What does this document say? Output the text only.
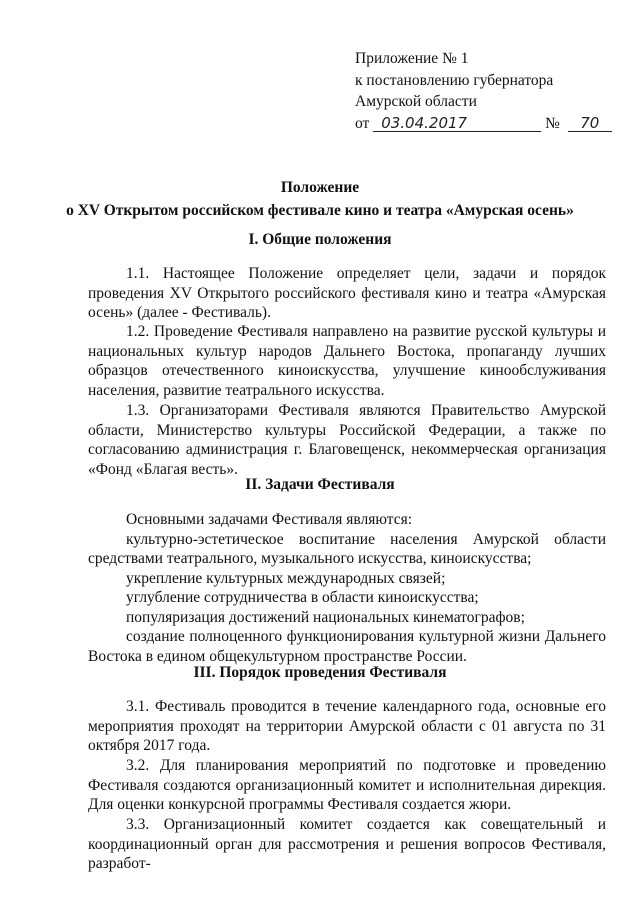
Приложение № 1
к постановлению губернатора
Амурской области
от 03.04.2017	№ 70
Положение
о XV Открытом российском фестивале кино и театра «Амурская осень»
I. Общие положения
1.1. Настоящее Положение определяет цели, задачи и порядок проведения XV Открытого российского фестиваля кино и театра «Амурская осень» (далее - Фестиваль).
1.2. Проведение Фестиваля направлено на развитие русской культуры и национальных культур народов Дальнего Востока, пропаганду лучших образцов отечественного киноискусства, улучшение кинообслуживания населения, развитие театрального искусства.
1.3. Организаторами Фестиваля являются Правительство Амурской области, Министерство культуры Российской Федерации, а также по согласованию администрация г. Благовещенск, некоммерческая организация «Фонд «Благая весть».
II. Задачи Фестиваля
Основными задачами Фестиваля являются:
культурно-эстетическое воспитание населения Амурской области средствами театрального, музыкального искусства, киноискусства;
укрепление культурных международных связей;
углубление сотрудничества в области киноискусства;
популяризация достижений национальных кинематографов;
создание полноценного функционирования культурной жизни Дальнего Востока в едином общекультурном пространстве России.
III. Порядок проведения Фестиваля
3.1. Фестиваль проводится в течение календарного года, основные его мероприятия проходят на территории Амурской области с 01 августа по 31 октября 2017 года.
3.2. Для планирования мероприятий по подготовке и проведению Фестиваля создаются организационный комитет и исполнительная дирекция. Для оценки конкурсной программы Фестиваля создается жюри.
3.3. Организационный комитет создается как совещательный и координационный орган для рассмотрения и решения вопросов Фестиваля, разработ-
